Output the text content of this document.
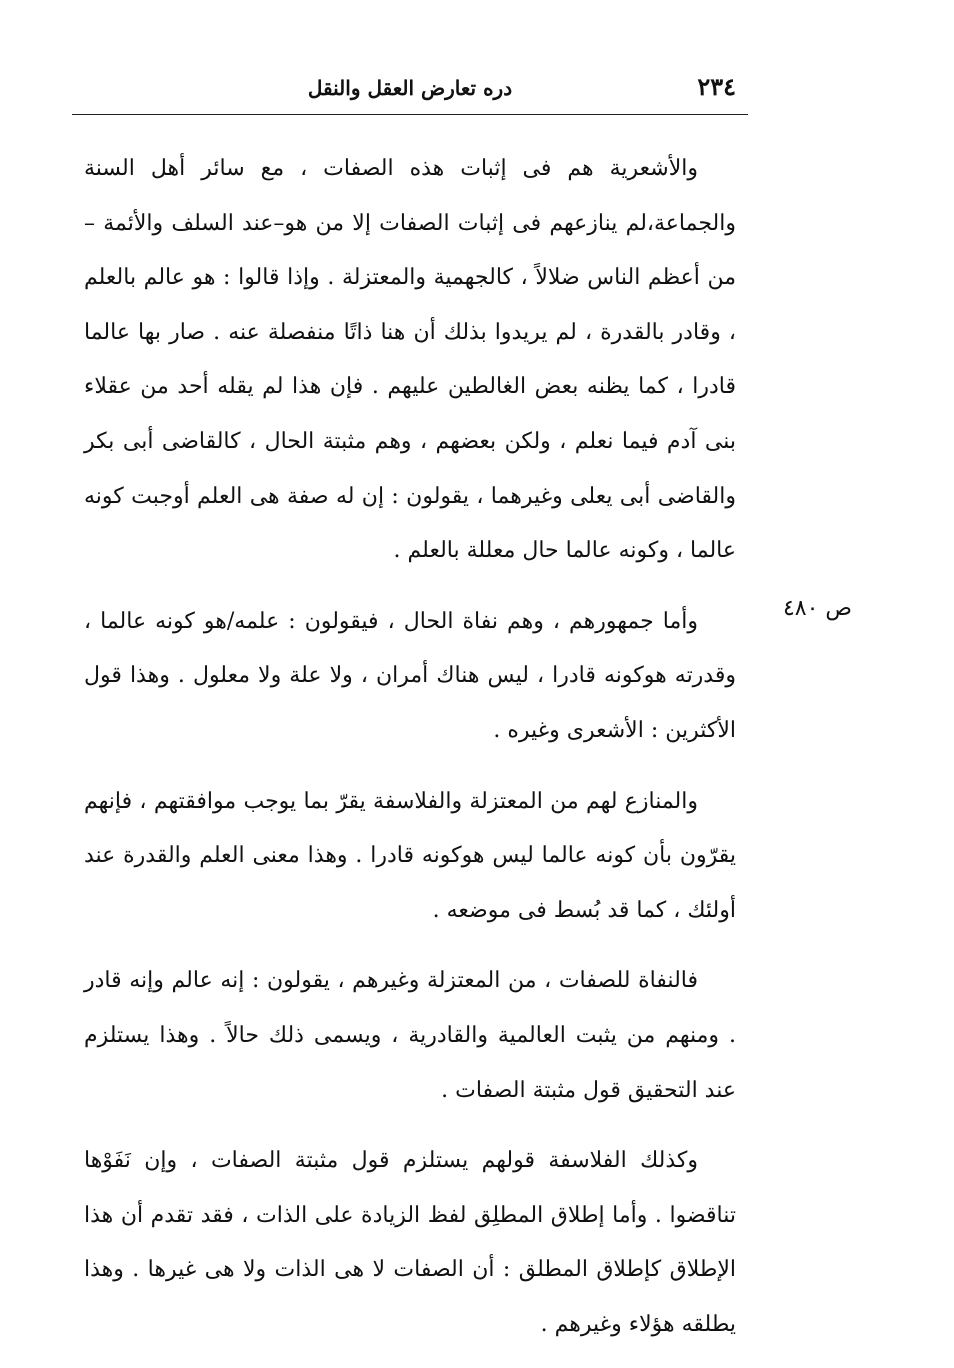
٢٣٤
دره تعارض العقل والنقل
ص ٤٨٠

والأشعرية هم فى إثبات هذه الصفات ، مع سائر أهل السنة والجماعة،لم ينازعهم فى إثبات الصفات إلا من هو–عند السلف والأئمة – من أعظم الناس ضلالاً ، كالجهمية والمعتزلة . وإذا قالوا : هو عالم بالعلم ، وقادر بالقدرة ، لم يريدوا بذلك أن هنا ذاتًا منفصلة عنه . صار بها عالما قادرا ، كما يظنه بعض الغالطين عليهم . فإن هذا لم يقله أحد من عقلاء بنى آدم فيما نعلم ، ولكن بعضهم ، وهم مثبتة الحال ، كالقاضى أبى بكر والقاضى أبى يعلى وغيرهما ، يقولون : إن له صفة هى العلم أوجبت كونه عالما ، وكونه عالما حال معللة بالعلم .

وأما جمهورهم ، وهم نفاة الحال ، فيقولون : علمه/هو كونه عالما ، وقدرته هوكونه قادرا ، ليس هناك أمران ، ولا علة ولا معلول . وهذا قول الأكثرين : الأشعرى وغيره .

والمنازع لهم من المعتزلة والفلاسفة يقرّ بما يوجب موافقتهم ، فإنهم يقرّون بأن كونه عالما ليس هوكونه قادرا . وهذا معنى العلم والقدرة عند أولئك ، كما قد بُسط فى موضعه .

فالنفاة للصفات ، من المعتزلة وغيرهم ، يقولون : إنه عالم وإنه قادر . ومنهم من يثبت العالمية والقادرية ، ويسمى ذلك حالاً . وهذا يستلزم عند التحقيق قول مثبتة الصفات .

وكذلك الفلاسفة قولهم يستلزم قول مثبتة الصفات ، وإن نَفَوْها تناقضوا . وأما إطلاق المطلِق لفظ الزيادة على الذات ، فقد تقدم أن هذا الإطلاق كإطلاق المطلق : أن الصفات لا هى الذات ولا هى غيرها . وهذا يطلقه هؤلاء وغيرهم .
